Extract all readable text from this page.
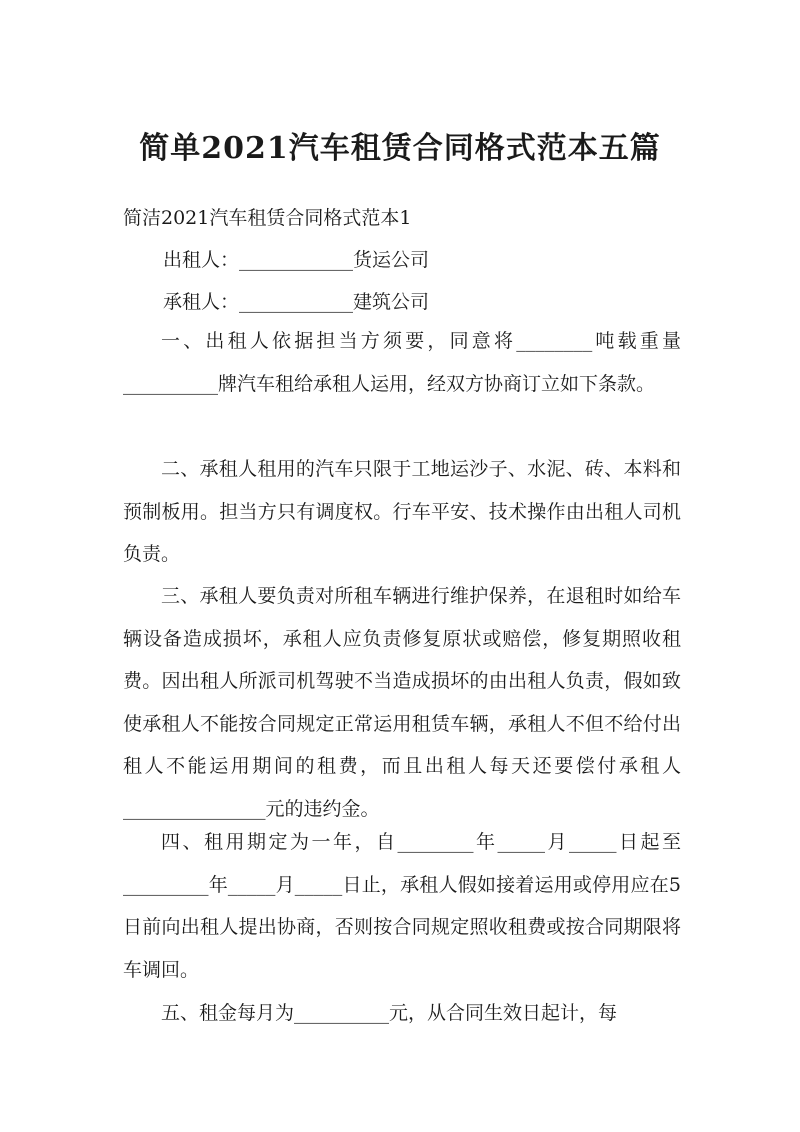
简单2021汽车租赁合同格式范本五篇

简洁2021汽车租赁合同格式范本1

出租人：____________货运公司

承租人：____________建筑公司

一、出租人依据担当方须要，同意将________吨载重量__________牌汽车租给承租人运用，经双方协商订立如下条款。

二、承租人租用的汽车只限于工地运沙子、水泥、砖、本料和预制板用。担当方只有调度权。行车平安、技术操作由出租人司机负责。

三、承租人要负责对所租车辆进行维护保养，在退租时如给车辆设备造成损坏，承租人应负责修复原状或赔偿，修复期照收租费。因出租人所派司机驾驶不当造成损坏的由出租人负责，假如致使承租人不能按合同规定正常运用租赁车辆，承租人不但不给付出租人不能运用期间的租费，而且出租人每天还要偿付承租人_______________元的违约金。

四、租用期定为一年，自________年_____月_____日起至_________年_____月_____日止，承租人假如接着运用或停用应在5日前向出租人提出协商，否则按合同规定照收租费或按合同期限将车调回。

五、租金每月为__________元，从合同生效日起计，每
